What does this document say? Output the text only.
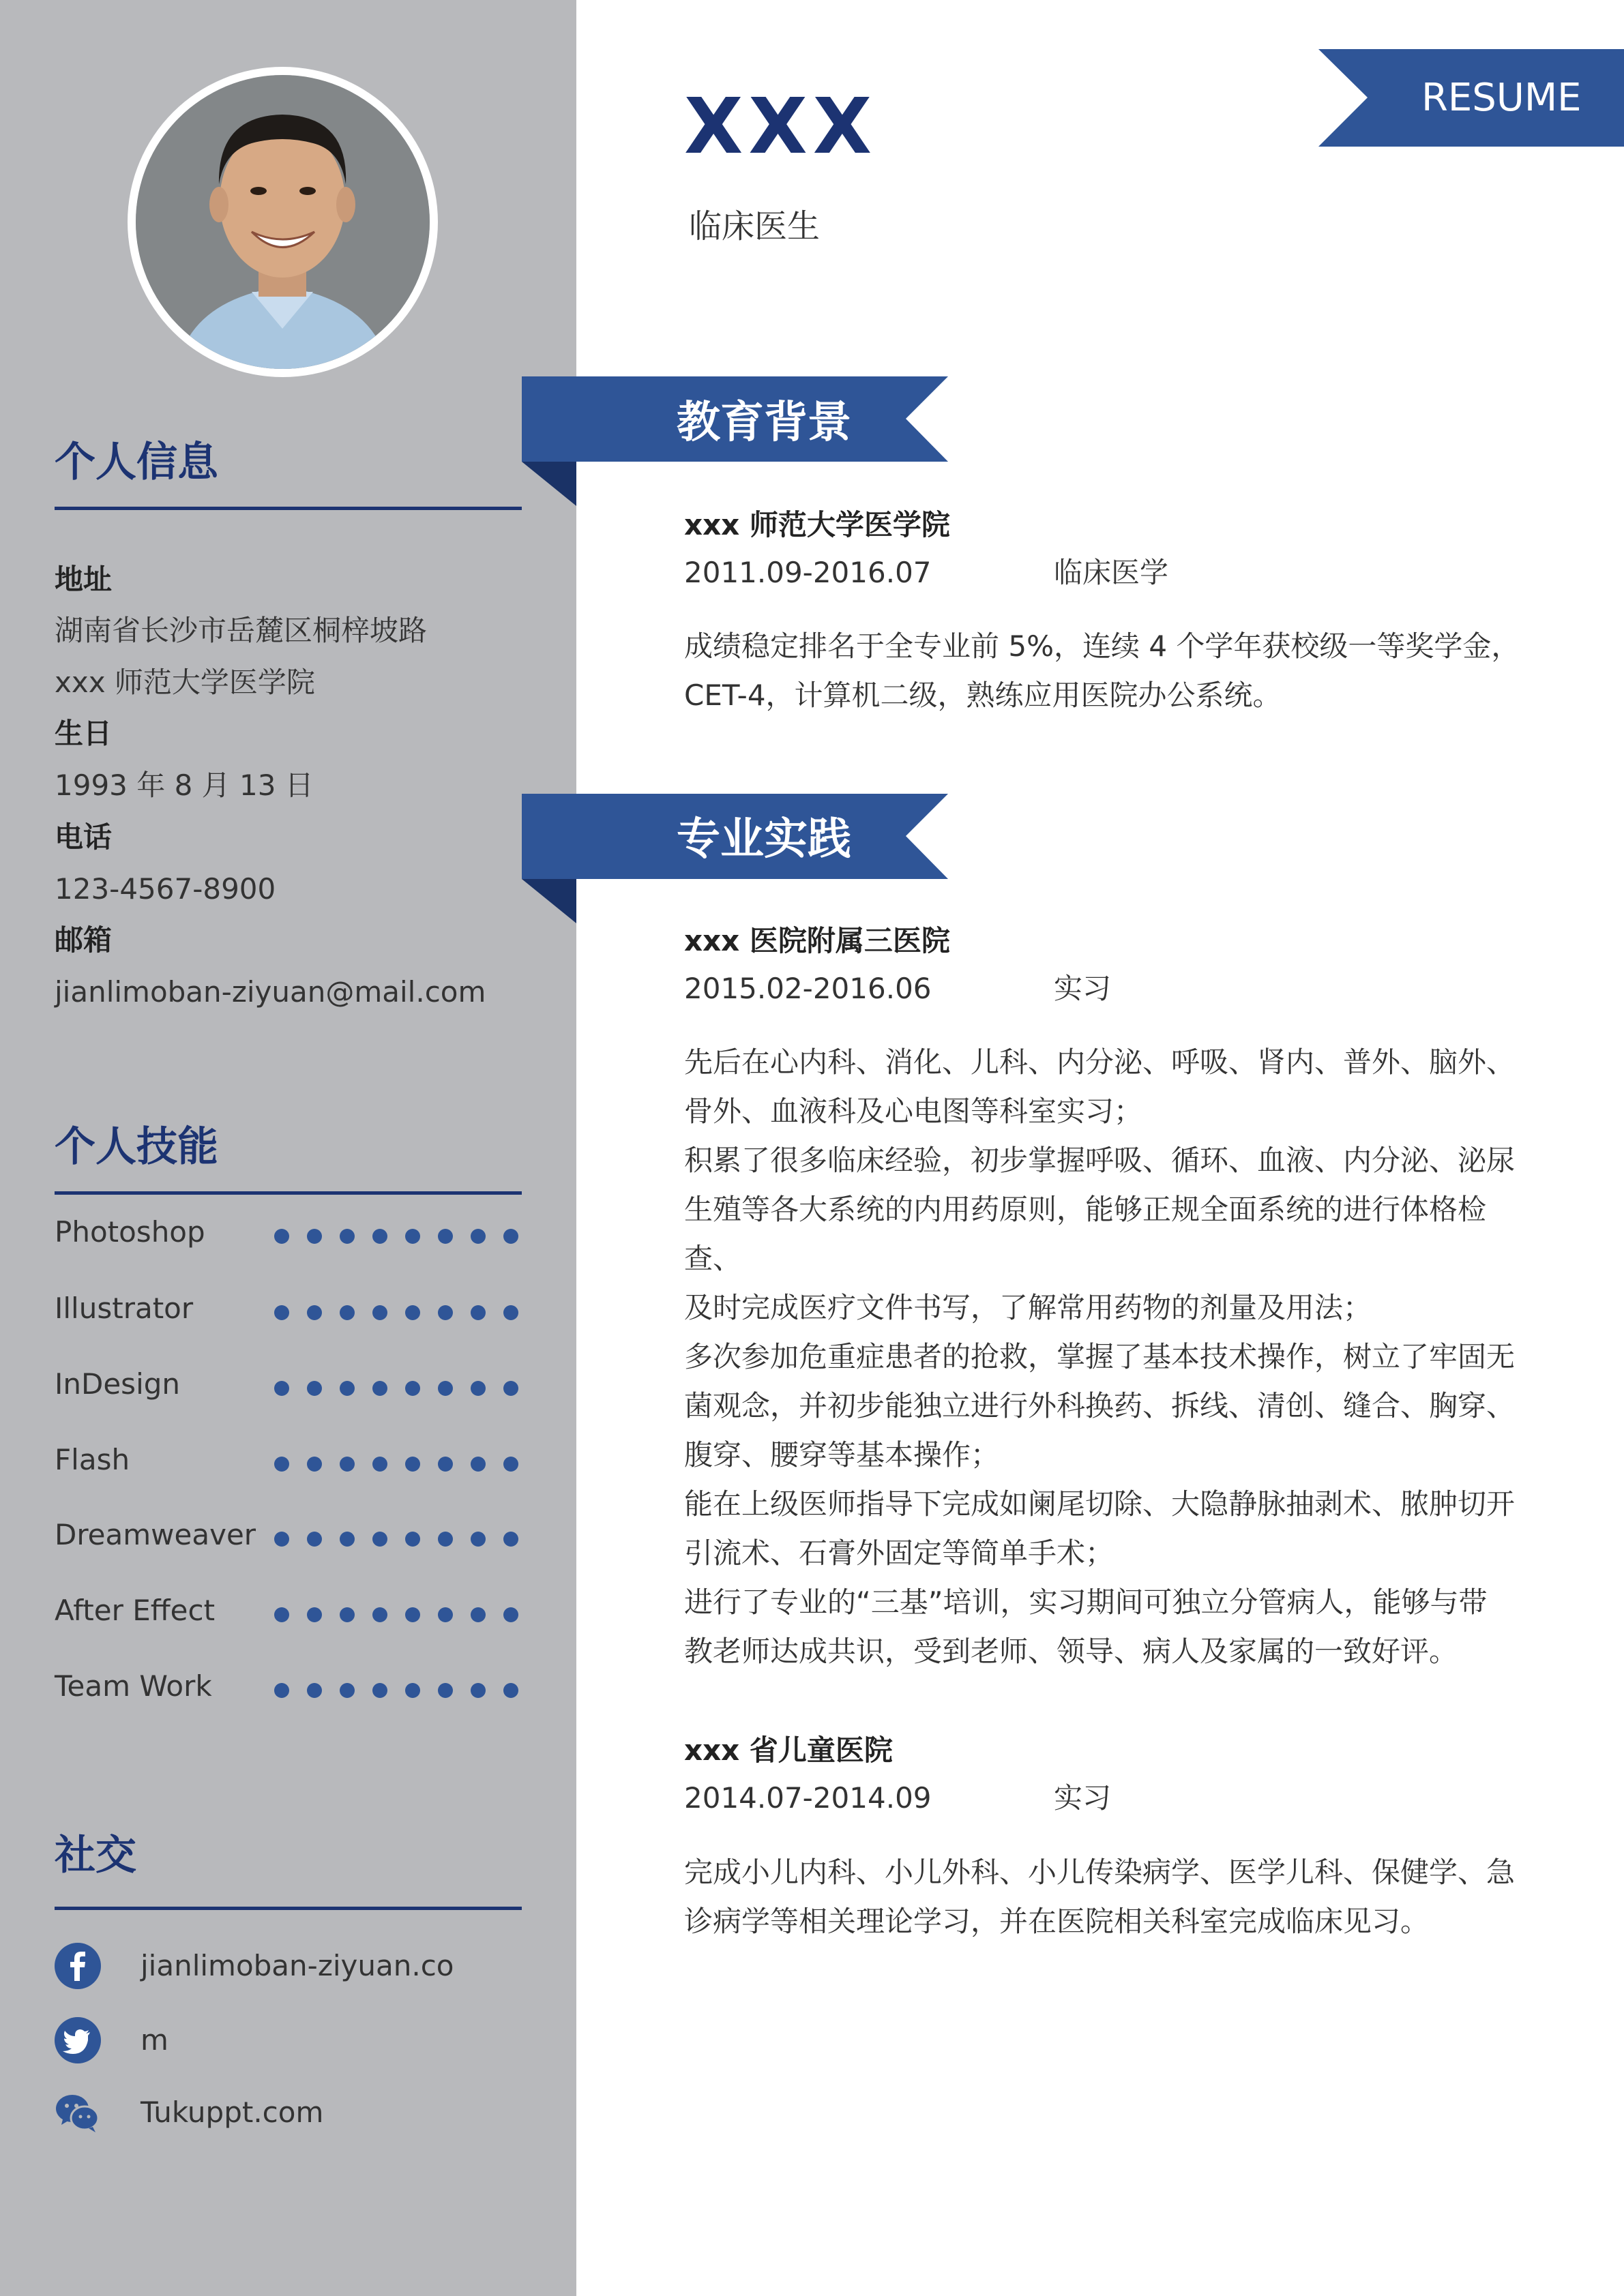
个人信息
地址
湖南省长沙市岳麓区桐梓坡路
xxx 师范大学医学院
生日
1993 年 8 月 13 日
电话
123-4567-8900
邮箱
jianlimoban-ziyuan@mail.com
个人技能
Photoshop
Illustrator
InDesign
Flash
Dreamweaver
After Effect
Team Work
社交
jianlimoban-ziyuan.co
m
Tukuppt.com
XXX
临床医生
RESUME
教育背景
xxx 师范大学医学院
2011.09-2016.07	临床医学

成绩稳定排名于全专业前 5%，连续 4 个学年获校级一等奖学金，

CET-4，计算机二级，熟练应用医院办公系统。

专业实践
xxx 医院附属三医院
2015.02-2016.06	实习

先后在心内科、消化、儿科、内分泌、呼吸、肾内、普外、脑外、

骨外、血液科及心电图等科室实习；

积累了很多临床经验，初步掌握呼吸、循环、血液、内分泌、泌尿

生殖等各大系统的内用药原则，能够正规全面系统的进行体格检查、

及时完成医疗文件书写，了解常用药物的剂量及用法；

多次参加危重症患者的抢救，掌握了基本技术操作，树立了牢固无

菌观念，并初步能独立进行外科换药、拆线、清创、缝合、胸穿、

腹穿、腰穿等基本操作；

能在上级医师指导下完成如阑尾切除、大隐静脉抽剥术、脓肿切开

引流术、石膏外固定等简单手术；

进行了专业的“三基”培训，实习期间可独立分管病人，能够与带

教老师达成共识，受到老师、领导、病人及家属的一致好评。

xxx 省儿童医院
2014.07-2014.09	实习

完成小儿内科、小儿外科、小儿传染病学、医学儿科、保健学、急

诊病学等相关理论学习，并在医院相关科室完成临床见习。
